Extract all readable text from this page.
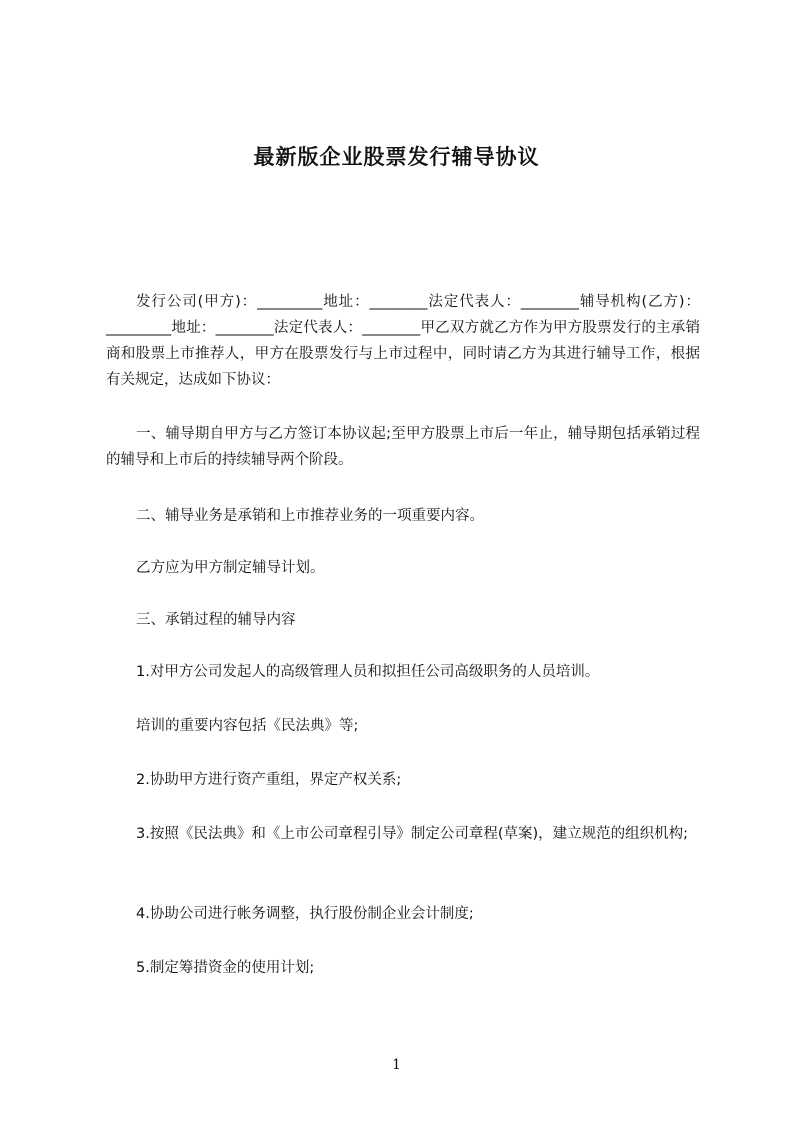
最新版企业股票发行辅导协议

发行公司(甲方)：_________地址：________法定代表人：________辅导机构(乙方)：_________地址：________法定代表人：________甲乙双方就乙方作为甲方股票发行的主承销商和股票上市推荐人，甲方在股票发行与上市过程中，同时请乙方为其进行辅导工作，根据有关规定，达成如下协议：

一、辅导期自甲方与乙方签订本协议起;至甲方股票上市后一年止，辅导期包括承销过程的辅导和上市后的持续辅导两个阶段。

二、辅导业务是承销和上市推荐业务的一项重要内容。
乙方应为甲方制定辅导计划。
三、承销过程的辅导内容
1.对甲方公司发起人的高级管理人员和拟担任公司高级职务的人员培训。
培训的重要内容包括《民法典》等;
2.协助甲方进行资产重组，界定产权关系;

3.按照《民法典》和《上市公司章程引导》制定公司章程(草案)，建立规范的组织机构;

4.协助公司进行帐务调整，执行股份制企业会计制度;
5.制定筹措资金的使用计划;
1
